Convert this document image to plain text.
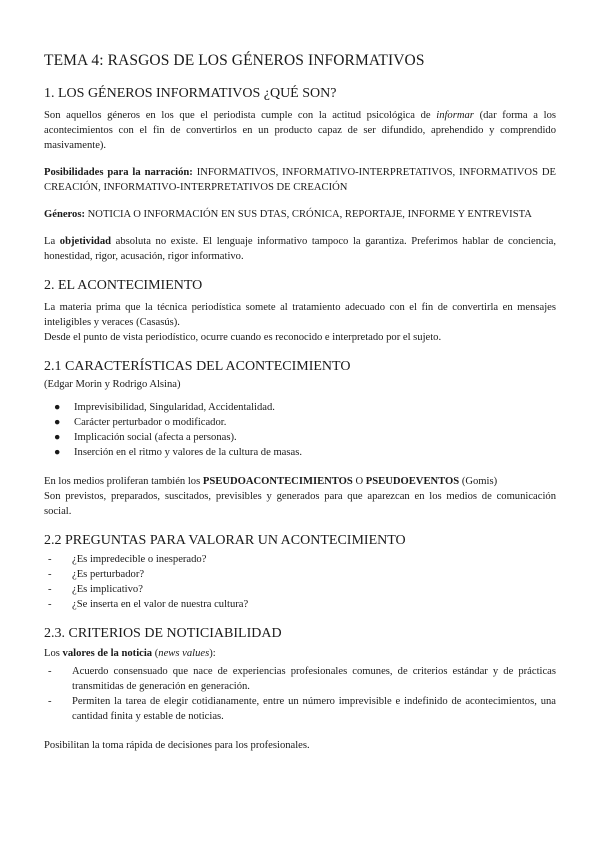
TEMA 4: RASGOS DE LOS GÉNEROS INFORMATIVOS
1. LOS GÉNEROS INFORMATIVOS ¿QUÉ SON?

Son aquellos géneros en los que el periodista cumple con la actitud psicológica de informar (dar forma a los acontecimientos con el fin de convertirlos en un producto capaz de ser difundido, aprehendido y comprendido masivamente).

Posibilidades para la narración: INFORMATIVOS, INFORMATIVO-INTERPRETATIVOS, INFORMATIVOS DE CREACIÓN, INFORMATIVO-INTERPRETATIVOS DE CREACIÓN

Géneros: NOTICIA O INFORMACIÓN EN SUS DTAS, CRÓNICA, REPORTAJE, INFORME Y ENTREVISTA

La objetividad absoluta no existe. El lenguaje informativo tampoco la garantiza. Preferimos hablar de conciencia, honestidad, rigor, acusación, rigor informativo.

2. EL ACONTECIMIENTO

La materia prima que la técnica periodística somete al tratamiento adecuado con el fin de convertirla en mensajes inteligibles y veraces (Casasús).

Desde el punto de vista periodístico, ocurre cuando es reconocido e interpretado por el sujeto.

2.1 CARACTERÍSTICAS DEL ACONTECIMIENTO

(Edgar Morin y Rodrigo Alsina)

● Imprevisibilidad, Singularidad, Accidentalidad.
● Carácter perturbador o modificador.
● Implicación social (afecta a personas).
● Inserción en el ritmo y valores de la cultura de masas.

En los medios proliferan también los PSEUDOACONTECIMIENTOS O PSEUDOEVENTOS (Gomis)

Son previstos, preparados, suscitados, previsibles y generados para que aparezcan en los medios de comunicación social.

2.2 PREGUNTAS PARA VALORAR UN ACONTECIMIENTO
- ¿Es impredecible o inesperado?
- ¿Es perturbador?
- ¿Es implicativo?
- ¿Se inserta en el valor de nuestra cultura?
2.3. CRITERIOS DE NOTICIABILIDAD

Los valores de la noticia (news values):

- Acuerdo consensuado que nace de experiencias profesionales comunes, de criterios estándar y de prácticas transmitidas de generación en generación.
- Permiten la tarea de elegir cotidianamente, entre un número imprevisible e indefinido de acontecimientos, una cantidad finita y estable de noticias.

Posibilitan la toma rápida de decisiones para los profesionales.
